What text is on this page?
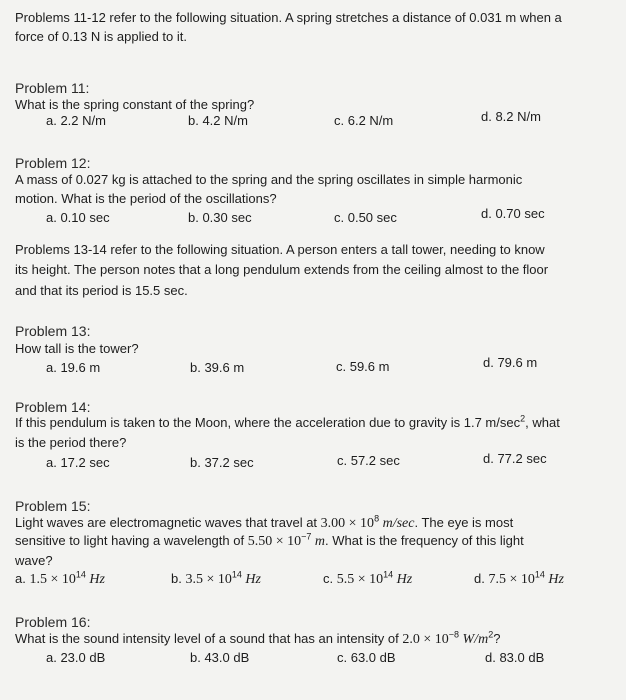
Problems 11-12 refer to the following situation. A spring stretches a distance of 0.031 m when a
force of 0.13 N is applied to it.
Problem 11:
What is the spring constant of the spring?
a. 2.2 N/m	b. 4.2 N/m	c. 6.2 N/m	d. 8.2 N/m
Problem 12:
A mass of 0.027 kg is attached to the spring and the spring oscillates in simple harmonic
motion. What is the period of the oscillations?
a. 0.10 sec	b. 0.30 sec	c. 0.50 sec	d. 0.70 sec
Problems 13-14 refer to the following situation. A person enters a tall tower, needing to know
its height. The person notes that a long pendulum extends from the ceiling almost to the floor
and that its period is 15.5 sec.
Problem 13:
How tall is the tower?
a. 19.6 m	b. 39.6 m	c. 59.6 m	d. 79.6 m
Problem 14:
If this pendulum is taken to the Moon, where the acceleration due to gravity is 1.7 $m/\sec^2$, what
is the period there?
a. 17.2 sec	b. 37.2 sec	c. 57.2 sec	d. 77.2 sec
Problem 15:
Light waves are electromagnetic waves that travel at $3.00 \times 10^8$ m/sec. The eye is most
sensitive to light having a wavelength of $5.50 \times 10^{-7}$ m. What is the frequency of this light
wave?
a. $1.5 \times 10^{14}$ Hz	b. $3.5 \times 10^{14}$ Hz	c. $5.5 \times 10^{14}$ Hz	d. $7.5 \times 10^{14}$ Hz
Problem 16:
What is the sound intensity level of a sound that has an intensity of $2.0 \times 10^{-8}$ $W/m^2$?
a. 23.0 dB	b. 43.0 dB	c. 63.0 dB	d. 83.0 dB
